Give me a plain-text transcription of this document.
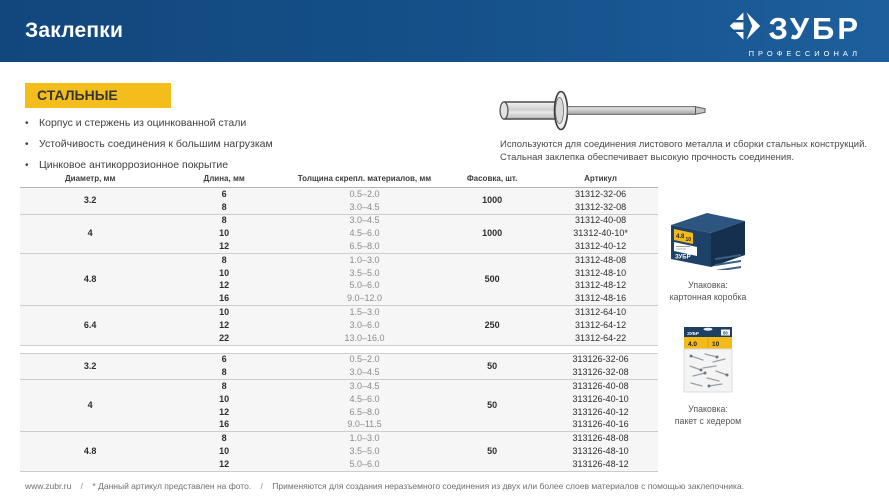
Заклепки	ЗУБР
ПРОФЕССИОНАЛ
СТАЛЬНЫЕ
• Корпус и стержень из оцинкованной стали
• Устойчивость соединения к большим нагрузкам
• Цинковое антикоррозионное покрытие
Используются для соединения листового металла и сборки стальных конструкций.
Стальная заклепка обеспечивает высокую прочность соединения.
Диаметр, мм	Длина, мм	Толщина скрепл. материалов, мм	Фасовка, шт.	Артикул
3.2	6	0.5–2.0	1000	31312-32-06
	8	3.0–4.5		31312-32-08
4	8	3.0–4.5	1000	31312-40-08
	10	4.5–6.0		31312-40-10*
	12	6.5–8.0		31312-40-12
4.8	8	1.0–3.0	500	31312-48-08
	10	3.5–5.0		31312-48-10
	12	5.0–6.0		31312-48-12
	16	9.0–12.0		31312-48-16
6.4	10	1.5–3.0	250	31312-64-10
	12	3.0–6.0		31312-64-12
	22	13.0–16.0		31312-64-22
3.2	6	0.5–2.0	50	313126-32-06
	8	3.0–4.5		313126-32-08
4	8	3.0–4.5	50	313126-40-08
	10	4.5–6.0		313126-40-10
	12	6.5–8.0		313126-40-12
	16	9.0–11.5		313126-40-16
4.8	8	1.0–3.0	50	313126-48-08
	10	3.5–5.0		313126-48-10
	12	5.0–6.0		313126-48-12
4.8 10
ЗУБР
Упаковка:
картонная коробка
ЗУБР	50
4.0 10
Упаковка:
пакет с хедером
www.zubr.ru / * Данный артикул представлен на фото. / Применяются для создания неразъемного соединения из двух или более слоев материалов с помощью заклепочника.
